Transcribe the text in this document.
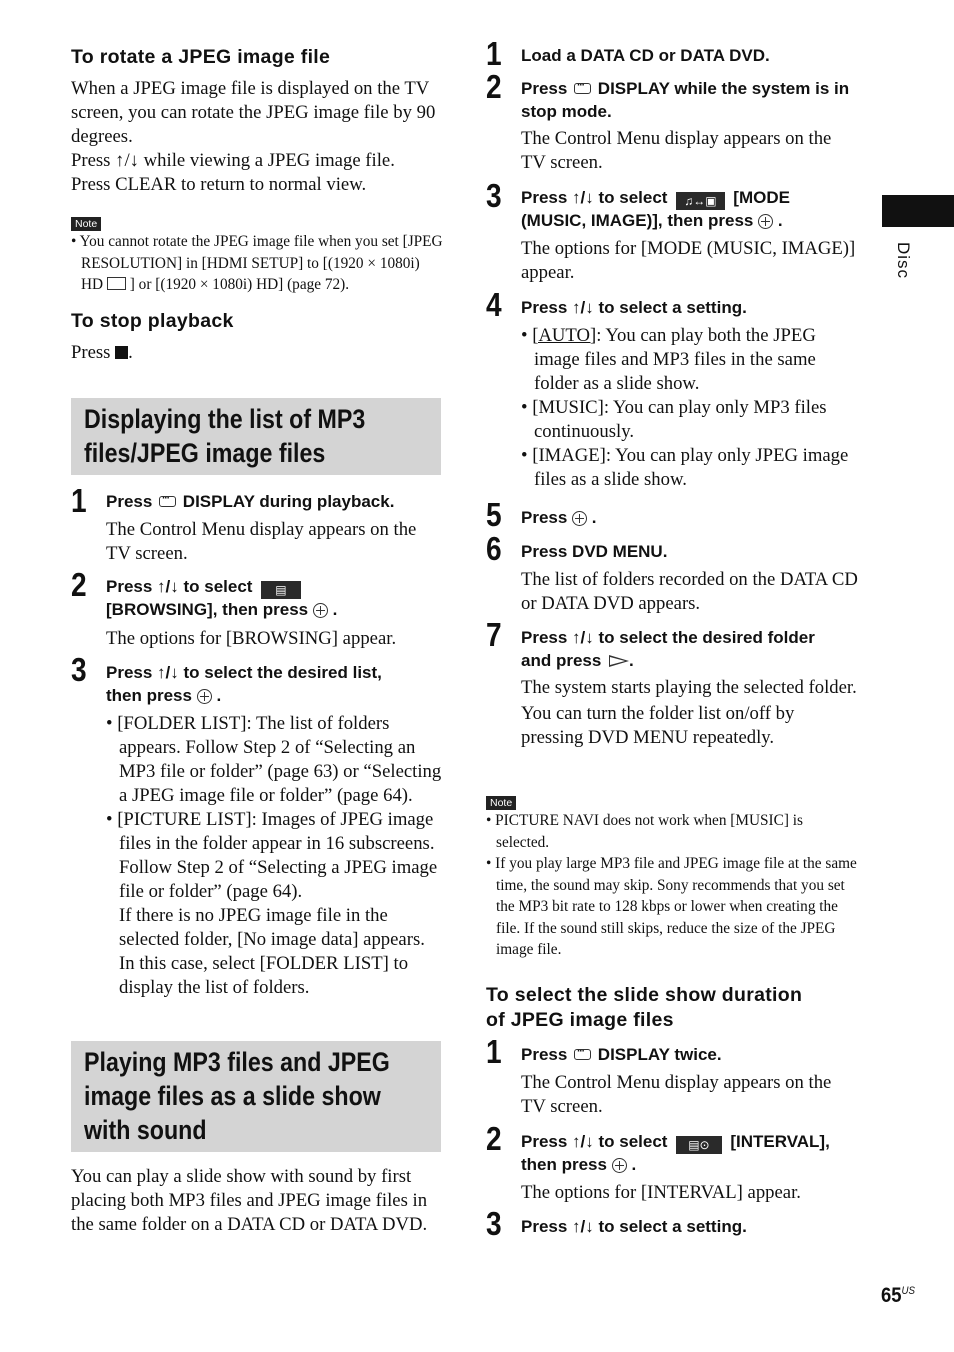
Disc
To rotate a JPEG image file
When a JPEG image file is displayed on the TV screen, you can rotate the JPEG image file by 90 degrees.
Press ↑/↓ while viewing a JPEG image file.
Press CLEAR to return to normal view.
Note

• You cannot rotate the JPEG image file when you set [JPEG RESOLUTION] in [HDMI SETUP] to [(1920 × 1080i) HD ] or [(1920 × 1080i) HD] (page 72).

To stop playback
Press .
Displaying the list of MP3
files/JPEG image files
1 Press ··· DISPLAY during playback.
The Control Menu display appears on the TV screen.
2 Press ↑/↓ to select ▤
[BROWSING], then press  .
The options for [BROWSING] appear.
3 Press ↑/↓ to select the desired list,
then press  .

• [FOLDER LIST]: The list of folders appears. Follow Step 2 of “Selecting an MP3 file or folder” (page 63) or “Selecting a JPEG image file or folder” (page 64).

• [PICTURE LIST]: Images of JPEG image files in the folder appear in 16 subscreens. Follow Step 2 of “Selecting a JPEG image file or folder” (page 64).

If there is no JPEG image file in the selected folder, [No image data] appears. In this case, select [FOLDER LIST] to display the list of folders.

Playing MP3 files and JPEG
image files as a slide show
with sound
You can play a slide show with sound by first placing both MP3 files and JPEG image files in the same folder on a DATA CD or DATA DVD.
1 Load a DATA CD or DATA DVD.
2 Press ··· DISPLAY while the system is in stop mode.
The Control Menu display appears on the TV screen.
3 Press ↑/↓ to select ♫↔▣ [MODE
(MUSIC, IMAGE)], then press  .
The options for [MODE (MUSIC, IMAGE)] appear.
4 Press ↑/↓ to select a setting.

• [AUTO]: You can play both the JPEG image files and MP3 files in the same folder as a slide show.

• [MUSIC]: You can play only MP3 files continuously.

• [IMAGE]: You can play only JPEG image files as a slide show.

5 Press  .
6 Press DVD MENU.
The list of folders recorded on the DATA CD or DATA DVD appears.
7 Press ↑/↓ to select the desired folder
and press .
The system starts playing the selected folder.
You can turn the folder list on/off by pressing DVD MENU repeatedly.
Note

• PICTURE NAVI does not work when [MUSIC] is selected.

• If you play large MP3 file and JPEG image file at the same time, the sound may skip. Sony recommends that you set the MP3 bit rate to 128 kbps or lower when creating the file. If the sound still skips, reduce the size of the JPEG image file.

To select the slide show duration
of JPEG image files
1 Press ··· DISPLAY twice.
The Control Menu display appears on the TV screen.
2 Press ↑/↓ to select ▤⊙ [INTERVAL],
then press  .
The options for [INTERVAL] appear.
3 Press ↑/↓ to select a setting.
$65^{US}$
